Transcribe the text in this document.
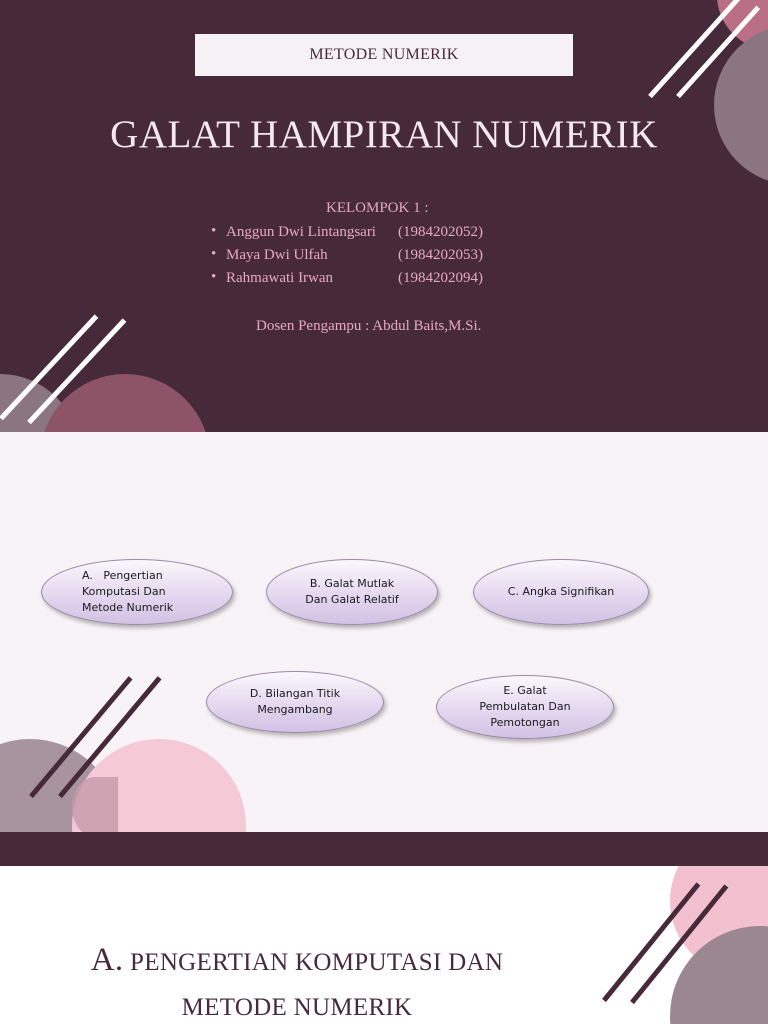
METODE NUMERIK
GALAT HAMPIRAN NUMERIK
KELOMPOK 1 :
• Anggun Dwi Lintangsari (1984202052)
• Maya Dwi Ulfah	(1984202053)
• Rahmawati Irwan	(1984202094)
Dosen Pengampu : Abdul Baits,M.Si.
A. Pengertian Komputasi Dan Metode Numerik
B. Galat Mutlak Dan Galat Relatif
C. Angka Signifikan
D. Bilangan Titik Mengambang
E. Galat Pembulatan Dan Pemotongan
A. PENGERTIAN KOMPUTASI DAN
METODE NUMERIK
